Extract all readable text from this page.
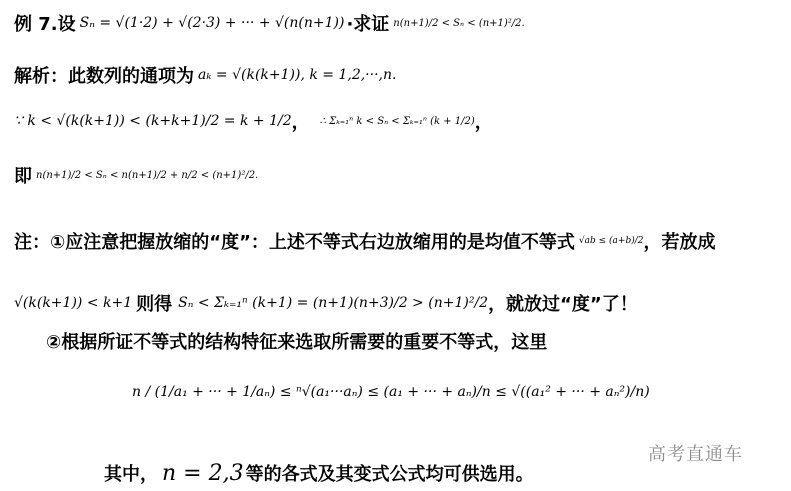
例 7.设 Sₙ = √(1·2) + √(2·3) + ··· + √(n(n+1)) ·求证 n(n+1)/2 < Sₙ < (n+1)²/2.
解析：此数列的通项为 aₖ = √(k(k+1)), k = 1,2,···,n.
∵ k < √(k(k+1)) < (k+k+1)/2 = k + 1/2 ， ∴ Σₖ₌₁ⁿ k < Sₙ < Σₖ₌₁ⁿ (k + 1/2) ，
即 n(n+1)/2 < Sₙ < n(n+1)/2 + n/2 < (n+1)²/2.
注：①应注意把握放缩的“度”：上述不等式右边放缩用的是均值不等式 √ab ≤ (a+b)/2 ，若放成
√(k(k+1)) < k+1 则得 Sₙ < Σₖ₌₁ⁿ (k+1) = (n+1)(n+3)/2 > (n+1)²/2 ，就放过“度”了！
②根据所证不等式的结构特征来选取所需要的重要不等式，这里
n / (1/a₁ + ··· + 1/aₙ) ≤ ⁿ√(a₁···aₙ) ≤ (a₁ + ··· + aₙ)/n ≤ √((a₁² + ··· + aₙ²)/n)
其中， n = 2,3 等的各式及其变式公式均可供选用。
高考直通车
